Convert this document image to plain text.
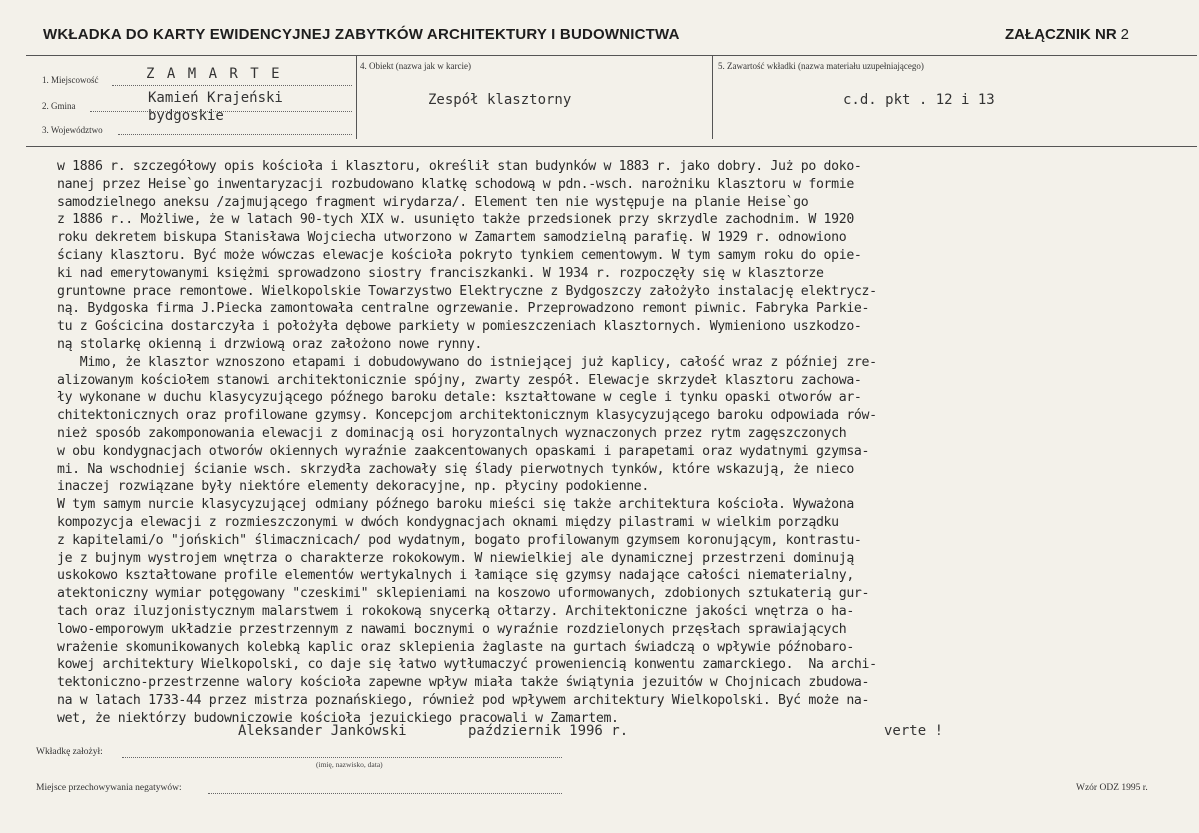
WKŁADKA DO KARTY EWIDENCYJNEJ ZABYTKÓW ARCHITEKTURY I BUDOWNICTWA	ZAŁĄCZNIK NR 2
1. Miejscowość	Z A M A R T E
2. Gmina	Kamień Krajeński
3. Województwo
bydgoskie
4. Obiekt (nazwa jak w karcie)
Zespół klasztorny
5. Zawartość wkładki (nazwa materiału uzupełniającego)
c.d. pkt . 12 i 13
w 1886 r. szczegółowy opis kościoła i klasztoru, określił stan budynków w 1883 r. jako dobry. Już po doko-
nanej przez Heise`go inwentaryzacji rozbudowano klatkę schodową w pdn.-wsch. narożniku klasztoru w formie
samodzielnego aneksu /zajmującego fragment wirydarza/. Element ten nie występuje na planie Heise`go
z 1886 r.. Możliwe, że w latach 90-tych XIX w. usunięto także przedsionek przy skrzydle zachodnim. W 1920
roku dekretem biskupa Stanisława Wojciecha utworzono w Zamartem samodzielną parafię. W 1929 r. odnowiono
ściany klasztoru. Być może wówczas elewacje kościoła pokryto tynkiem cementowym. W tym samym roku do opie-
ki nad emerytowanymi księżmi sprowadzono siostry franciszkanki. W 1934 r. rozpoczęły się w klasztorze
gruntowne prace remontowe. Wielkopolskie Towarzystwo Elektryczne z Bydgoszczy założyło instalację elektrycz-
ną. Bydgoska firma J.Piecka zamontowała centralne ogrzewanie. Przeprowadzono remont piwnic. Fabryka Parkie-
tu z Gościcina dostarczyła i położyła dębowe parkiety w pomieszczeniach klasztornych. Wymieniono uszkodzo-
ną stolarkę okienną i drzwiową oraz założono nowe rynny.
Mimo, że klasztor wznoszono etapami i dobudowywano do istniejącej już kaplicy, całość wraz z później zre-
alizowanym kościołem stanowi architektonicznie spójny, zwarty zespół. Elewacje skrzydeł klasztoru zachowa-
ły wykonane w duchu klasycyzującego późnego baroku detale: kształtowane w cegle i tynku opaski otworów ar-
chitektonicznych oraz profilowane gzymsy. Koncepcjom architektonicznym klasycyzującego baroku odpowiada rów-
nież sposób zakomponowania elewacji z dominacją osi horyzontalnych wyznaczonych przez rytm zagęszczonych
w obu kondygnacjach otworów okiennych wyraźnie zaakcentowanych opaskami i parapetami oraz wydatnymi gzymsa-
mi. Na wschodniej ścianie wsch. skrzydła zachowały się ślady pierwotnych tynków, które wskazują, że nieco
inaczej rozwiązane były niektóre elementy dekoracyjne, np. płyciny podokienne.
W tym samym nurcie klasycyzującej odmiany późnego baroku mieści się także architektura kościoła. Wyważona
kompozycja elewacji z rozmieszczonymi w dwóch kondygnacjach oknami między pilastrami w wielkim porządku
z kapitelami/o "jońskich" ślimacznicach/ pod wydatnym, bogato profilowanym gzymsem koronującym, kontrastu-
je z bujnym wystrojem wnętrza o charakterze rokokowym. W niewielkiej ale dynamicznej przestrzeni dominują
uskokowo kształtowane profile elementów wertykalnych i łamiące się gzymsy nadające całości niematerialny,
atektoniczny wymiar potęgowany "czeskimi" sklepieniami na koszowo uformowanych, zdobionych sztukaterią gur-
tach oraz iluzjonistycznym malarstwem i rokokową snycerką ołtarzy. Architektoniczne jakości wnętrza o ha-
lowo-emporowym układzie przestrzennym z nawami bocznymi o wyraźnie rozdzielonych przęsłach sprawiających
wrażenie skomunikowanych kolebką kaplic oraz sklepienia żaglaste na gurtach świadczą o wpływie późnobaro-
kowej architektury Wielkopolski, co daje się łatwo wytłumaczyć proweniencią konwentu zamarckiego.  Na archi-
tektoniczno-przestrzenne walory kościoła zapewne wpływ miała także świątynia jezuitów w Chojnicach zbudowa-
na w latach 1733-44 przez mistrza poznańskiego, również pod wpływem architektury Wielkopolski. Być może na-
wet, że niektórzy budowniczowie kościoła jezuickiego pracowali w Zamartem.
Aleksander Jankowski	październik 1996 r.	verte !
Wkładkę założył:
(imię, nazwisko, data)
Miejsce przechowywania negatywów:	Wzór ODZ 1995 r.
